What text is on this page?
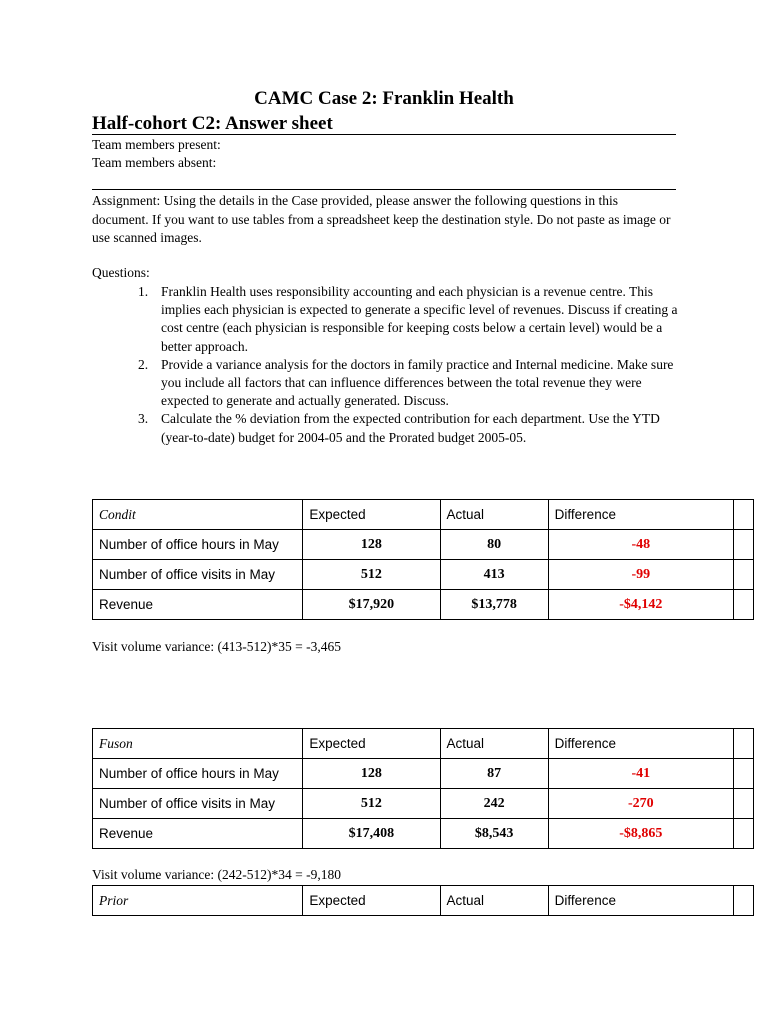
CAMC Case 2: Franklin Health
Half-cohort C2: Answer sheet
Team members present:
Team members absent:
Assignment: Using the details in the Case provided, please answer the following questions in this document. If you want to use tables from a spreadsheet keep the destination style. Do not paste as image or use scanned images.
Questions:
1. Franklin Health uses responsibility accounting and each physician is a revenue centre. This implies each physician is expected to generate a specific level of revenues. Discuss if creating a cost centre (each physician is responsible for keeping costs below a certain level) would be a better approach.
2. Provide a variance analysis for the doctors in family practice and Internal medicine. Make sure you include all factors that can influence differences between the total revenue they were expected to generate and actually generated. Discuss.
3. Calculate the % deviation from the expected contribution for each department. Use the YTD (year-to-date) budget for 2004-05 and the Prorated budget 2005-05.
Condit	Expected	Actual	Difference	
Number of office hours in May	128	80	-48	
Number of office visits in May	512	413	-99	
Revenue	$17,920	$13,778	-$4,142	
Visit volume variance: (413-512)*35 = -3,465
Fuson	Expected	Actual	Difference	
Number of office hours in May	128	87	-41	
Number of office visits in May	512	242	-270	
Revenue	$17,408	$8,543	-$8,865	
Visit volume variance: (242-512)*34 = -9,180
Prior	Expected	Actual	Difference	
